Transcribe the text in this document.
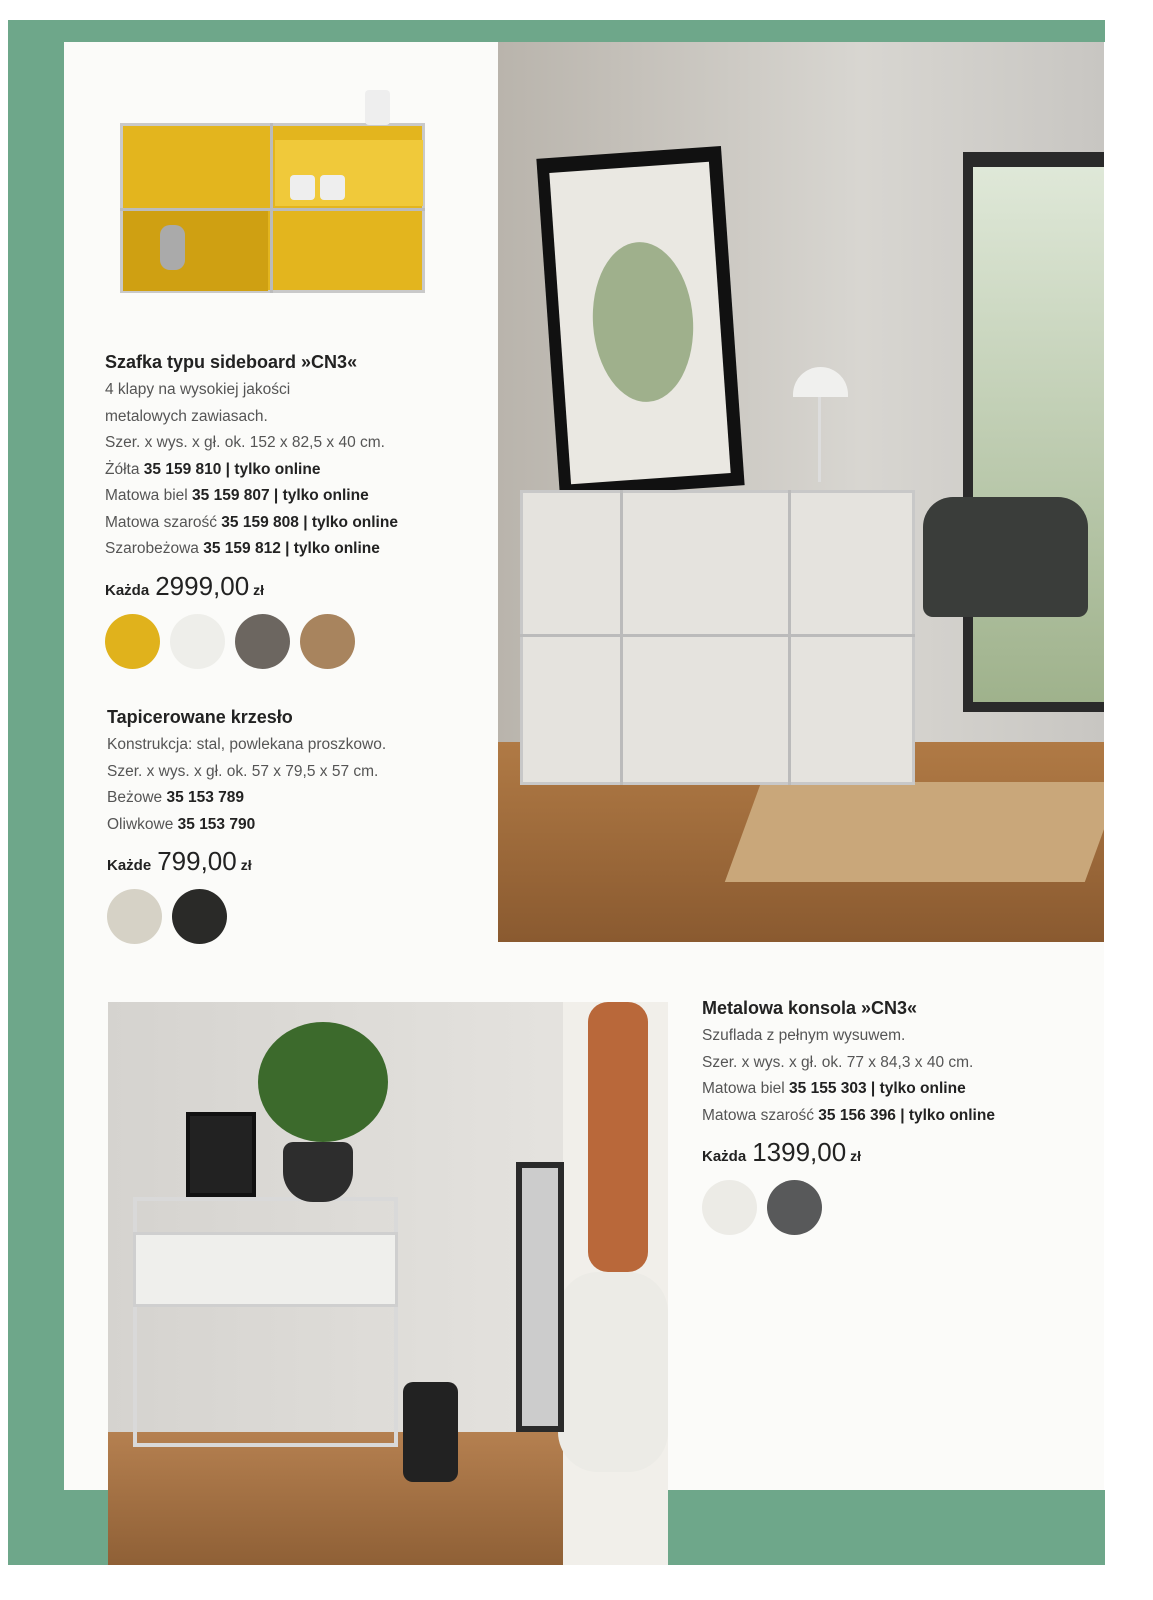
Szafka typu sideboard »CN3«
4 klapy na wysokiej jakości
metalowych zawiasach.
Szer. x wys. x gł. ok. 152 x 82,5 x 40 cm.
Żółta 35 159 810 | tylko online
Matowa biel 35 159 807 | tylko online
Matowa szarość 35 159 808 | tylko online
Szarobeżowa 35 159 812 | tylko online
Każda 2999,00 zł
Tapicerowane krzesło
Konstrukcja: stal, powlekana proszkowo.
Szer. x wys. x gł. ok. 57 x 79,5 x 57 cm.
Beżowe 35 153 789
Oliwkowe 35 153 790
Każde 799,00 zł
Metalowa konsola »CN3«
Szuflada z pełnym wysuwem.
Szer. x wys. x gł. ok. 77 x 84,3 x 40 cm.
Matowa biel 35 155 303 | tylko online
Matowa szarość 35 156 396 | tylko online
Każda 1399,00 zł
